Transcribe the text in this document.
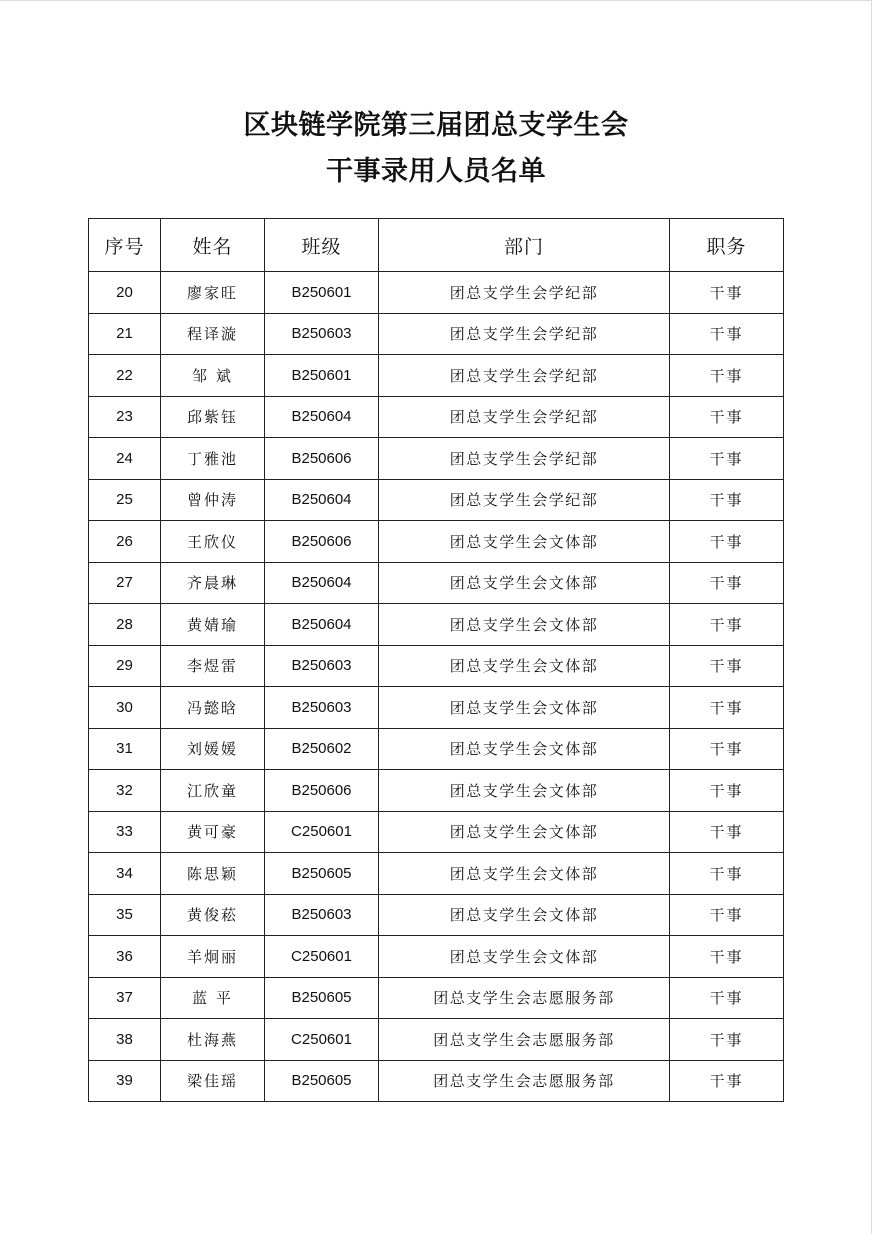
区块链学院第三届团总支学生会
干事录用人员名单
序号	姓名	班级	部门	职务
20	廖家旺	B250601	团总支学生会学纪部	干事
21	程译漩	B250603	团总支学生会学纪部	干事
22	邹 斌	B250601	团总支学生会学纪部	干事
23	邱紫钰	B250604	团总支学生会学纪部	干事
24	丁雅池	B250606	团总支学生会学纪部	干事
25	曾仲涛	B250604	团总支学生会学纪部	干事
26	王欣仪	B250606	团总支学生会文体部	干事
27	齐晨琳	B250604	团总支学生会文体部	干事
28	黄婧瑜	B250604	团总支学生会文体部	干事
29	李煜雷	B250603	团总支学生会文体部	干事
30	冯懿晗	B250603	团总支学生会文体部	干事
31	刘媛媛	B250602	团总支学生会文体部	干事
32	江欣童	B250606	团总支学生会文体部	干事
33	黄可豪	C250601	团总支学生会文体部	干事
34	陈思颖	B250605	团总支学生会文体部	干事
35	黄俊菘	B250603	团总支学生会文体部	干事
36	羊炯丽	C250601	团总支学生会文体部	干事
37	蓝 平	B250605	团总支学生会志愿服务部	干事
38	杜海燕	C250601	团总支学生会志愿服务部	干事
39	梁佳瑶	B250605	团总支学生会志愿服务部	干事
